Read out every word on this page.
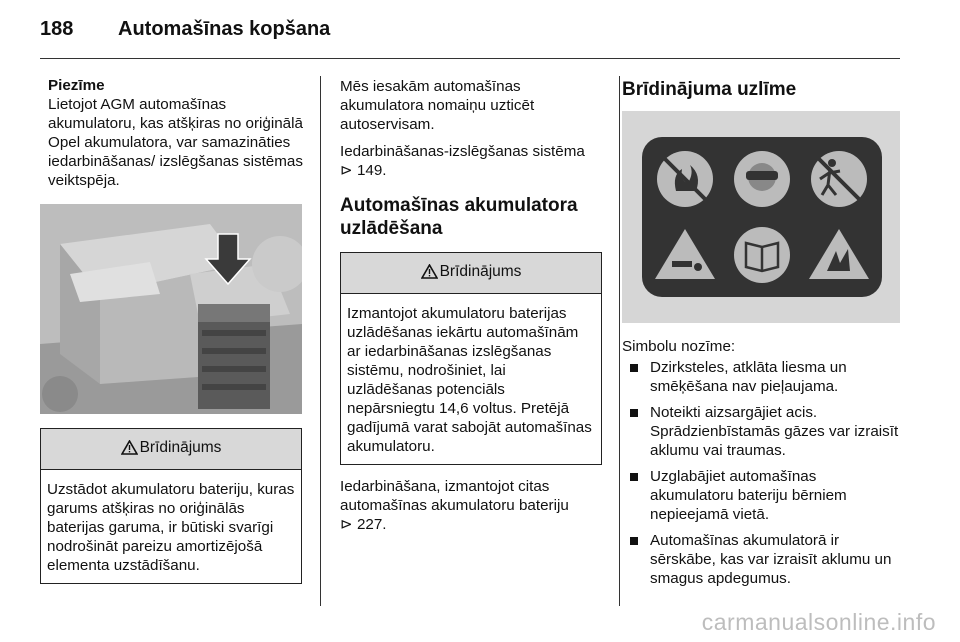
188 Automašīnas kopšana

Piezīme

Lietojot AGM automašīnas akumulatoru, kas atšķiras no oriģinālā Opel akumulatora, var samazināties iedarbināšanas/ izslēgšanas sistēmas veiktspēja.

Brīdinājums
Uzstādot akumulatoru bateriju, kuras garums atšķiras no oriģinālās baterijas garuma, ir būtiski svarīgi nodrošināt pareizu amortizējošā elementa uzstādīšanu.

Mēs iesakām automašīnas akumulatora nomaiņu uzticēt autoservisam.

Iedarbināšanas-izslēgšanas sistēma
⊳ 149.

Automašīnas akumulatora uzlādēšana

Brīdinājums
Izmantojot akumulatoru baterijas uzlādēšanas iekārtu automašīnām ar iedarbināšanas izslēgšanas sistēmu, nodrošiniet, lai uzlādēšanas potenciāls nepārsniegtu 14,6 voltus. Pretējā gadījumā varat sabojāt automašīnas akumulatoru.

Iedarbināšana, izmantojot citas automašīnas akumulatoru bateriju
⊳ 227.

Brīdinājuma uzlīme

Simbolu nozīme:

Dzirksteles, atklāta liesma un smēķēšana nav pieļaujama.
Noteikti aizsargājiet acis. Sprādzienbīstamās gāzes var izraisīt aklumu vai traumas.
Uzglabājiet automašīnas akumulatoru bateriju bērniem nepieejamā vietā.
Automašīnas akumulatorā ir sērskābe, kas var izraisīt aklumu un smagus apdegumus.
carmanualsonline.info
